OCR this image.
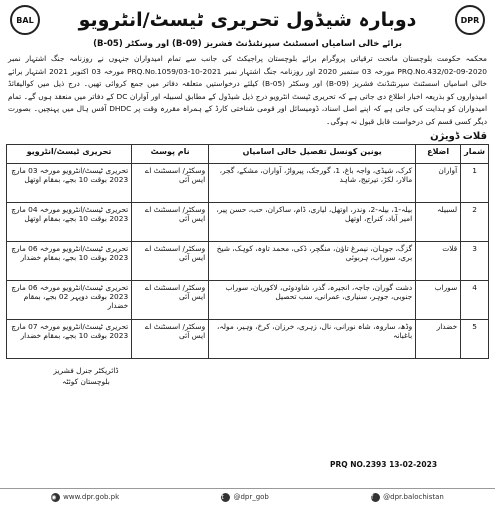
BAL	دوبارہ شیڈول تحریری ٹیسٹ/انٹرویو	DPR
برائے خالی اسامیاں اسسٹنٹ سپرنٹنڈنٹ فشریز (B-09) اور وسکٹر (B-05)
محکمہ حکومت بلوچستان ماتحت ترقیاتی پروگرام برائے بلوچستان پراجیکٹ کی جانب سے تمام امیدواران جنہوں نے روزنامہ جنگ اشتہار نمبر PRQ.No.432/02-09-2020 مورخہ 03 ستمبر 2020 اور روزنامہ جنگ اشتہار نمبر PRQ.No.1059/03-10-2021 مورخہ 03 اکتوبر 2021 اشتہار برائے خالی اسامیاں اسسٹنٹ سپرنٹنڈنٹ فشریز (B-09) اور وسکٹر (B-05) کیلئے درخواستیں متعلقہ دفاتر میں جمع کروائی تھیں۔ درج ذیل میں کوالیفائڈ امیدواروں کو بذریعہ اخبار اطلاع دی جاتی ہے کہ تحریری ٹیسٹ انٹرویو درج ذیل شیڈول کے مطابق لسبیلہ اور آواران DC کے دفاتر میں منعقد ہوں گے۔ تمام امیدواران کو ہدایت کی جاتی ہے کہ اپنے اصل اسناد، ڈومیسائل اور قومی شناختی کارڈ کے ہمراہ مقررہ وقت پر DHDC آفس ہال میں پہنچیں۔ بصورت دیگر کسی قسم کی درخواست قابل قبول نہ ہوگی۔
قلات ڈویژن
شمار	اضلاع	یونین کونسل تفصیل خالی اسامیاں	نام پوسٹ	تحریری ٹیسٹ/انٹرویو
1	آواران	کرک، شیڈی، واجہ باغ، 1، گورجک، پیرواڑ، آواران، مشکے، گجر، مالار، لکڑ، تیرتیج، شاہد	وسکٹر/ اسسٹنٹ اے ایس آئی	تحریری ٹیسٹ/انٹرویو مورخہ 03 مارچ 2023 بوقت 10 بجے، بمقام اوتھل
2	لسبیلہ	بیلہ-1، بیلہ-2، وندر، اوتھل، لیاری، ڈام، ساکران، حب، حسن پیر، امیر آباد، کنراج، اوتھل	وسکٹر/ اسسٹنٹ اے ایس آئی	تحریری ٹیسٹ/انٹرویو مورخہ 04 مارچ 2023 بوقت 10 بجے، بمقام اوتھل
3	قلات	گزگ، جوہان، نیمرغ تاؤن، منگچر، ڈکی، محمد تاوہ، کوہک، شیخ بری، سوراب، ہربوئی	وسکٹر/ اسسٹنٹ اے ایس آئی	تحریری ٹیسٹ/انٹرویو مورخہ 06 مارچ 2023 بوقت 10 بجے، بمقام خضدار
4	سوراب	دشت گوران، جاجہ، انجیرہ، گدر، شاودوئی، لاکوریان، سوراب جنوبی، جوہر، سنیاری، عمرانی، سب تحصیل	وسکٹر/ اسسٹنٹ اے ایس آئی	تحریری ٹیسٹ/انٹرویو مورخہ 06 مارچ 2023 بوقت دوپہر 02 بجے، بمقام خضدار
5	خضدار	وڈھ، ساروہ، شاہ نورانی، نال، زہری، خرزان، کرخ، وہیر، مولہ، باغبانہ	وسکٹر/ اسسٹنٹ اے ایس آئی	تحریری ٹیسٹ/انٹرویو مورخہ 07 مارچ 2023 بوقت 10 بجے، بمقام خضدار
ڈائریکٹر جنرل فشریز
بلوچستان کوئٹہ
PRQ NO.2393 13-02-2023
◉ www.dpr.gob.pk	t	@dpr_gob	f	@dpr.balochistan
